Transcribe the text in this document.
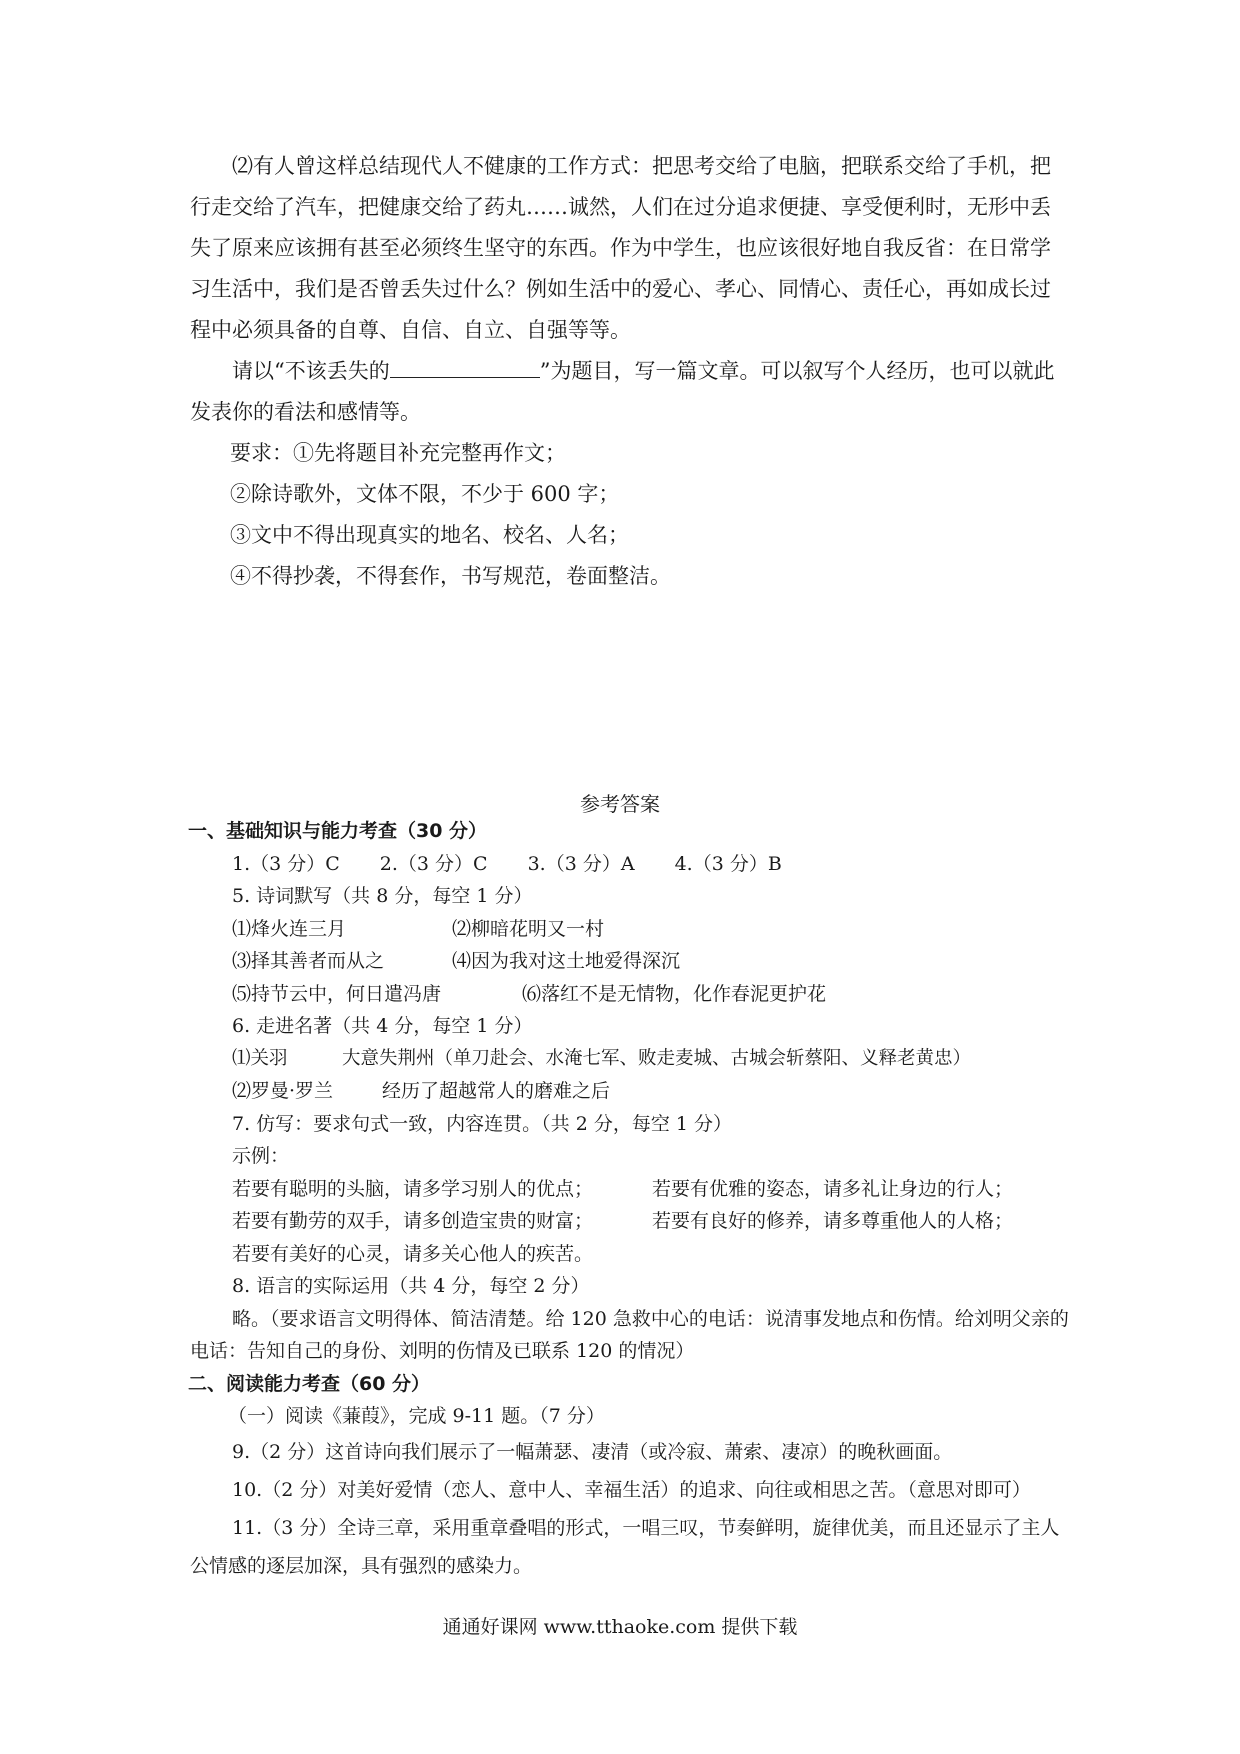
⑵有人曾这样总结现代人不健康的工作方式：把思考交给了电脑，把联系交给了手机，把行走交给了汽车，把健康交给了药丸……诚然，人们在过分追求便捷、享受便利时，无形中丢失了原来应该拥有甚至必须终生坚守的东西。作为中学生，也应该很好地自我反省：在日常学习生活中，我们是否曾丢失过什么？例如生活中的爱心、孝心、同情心、责任心，再如成长过程中必须具备的自尊、自信、自立、自强等等。

请以“不该丢失的	”为题目，写一篇文章。可以叙写个人经历，也可以就此发表你的看法和感情等。

要求：①先将题目补充完整再作文；

②除诗歌外，文体不限，不少于 600 字；

③文中不得出现真实的地名、校名、人名；

④不得抄袭，不得套作，书写规范，卷面整洁。

参考答案
一、基础知识与能力考查（30 分）
1.（3 分）C 2.（3 分）C 3.（3 分）A 4.（3 分）B
5. 诗词默写（共 8 分，每空 1 分）
⑴烽火连三月	⑵柳暗花明又一村
⑶择其善者而从之	⑷因为我对这土地爱得深沉
⑸持节云中，何日遣冯唐	⑹落红不是无情物，化作春泥更护花
6. 走进名著（共 4 分，每空 1 分）
⑴关羽	大意失荆州（单刀赴会、水淹七军、败走麦城、古城会斩蔡阳、义释老黄忠）
⑵罗曼·罗兰	经历了超越常人的磨难之后
7. 仿写：要求句式一致，内容连贯。（共 2 分，每空 1 分）
示例：
若要有聪明的头脑，请多学习别人的优点；	若要有优雅的姿态，请多礼让身边的行人；
若要有勤劳的双手，请多创造宝贵的财富；	若要有良好的修养，请多尊重他人的人格；
若要有美好的心灵，请多关心他人的疾苦。
8. 语言的实际运用（共 4 分，每空 2 分）
略。（要求语言文明得体、简洁清楚。给 120 急救中心的电话：说清事发地点和伤情。给刘明父亲的电话：告知自己的身份、刘明的伤情及已联系 120 的情况）
二、阅读能力考查（60 分）
（一）阅读《蒹葭》，完成 9-11 题。（7 分）
9.（2 分）这首诗向我们展示了一幅萧瑟、凄清（或冷寂、萧索、凄凉）的晚秋画面。
10.（2 分）对美好爱情（恋人、意中人、幸福生活）的追求、向往或相思之苦。（意思对即可）
11.（3 分）全诗三章，采用重章叠唱的形式，一唱三叹，节奏鲜明，旋律优美，而且还显示了主人公情感的逐层加深，具有强烈的感染力。
通通好课网 www.tthaoke.com 提供下载
